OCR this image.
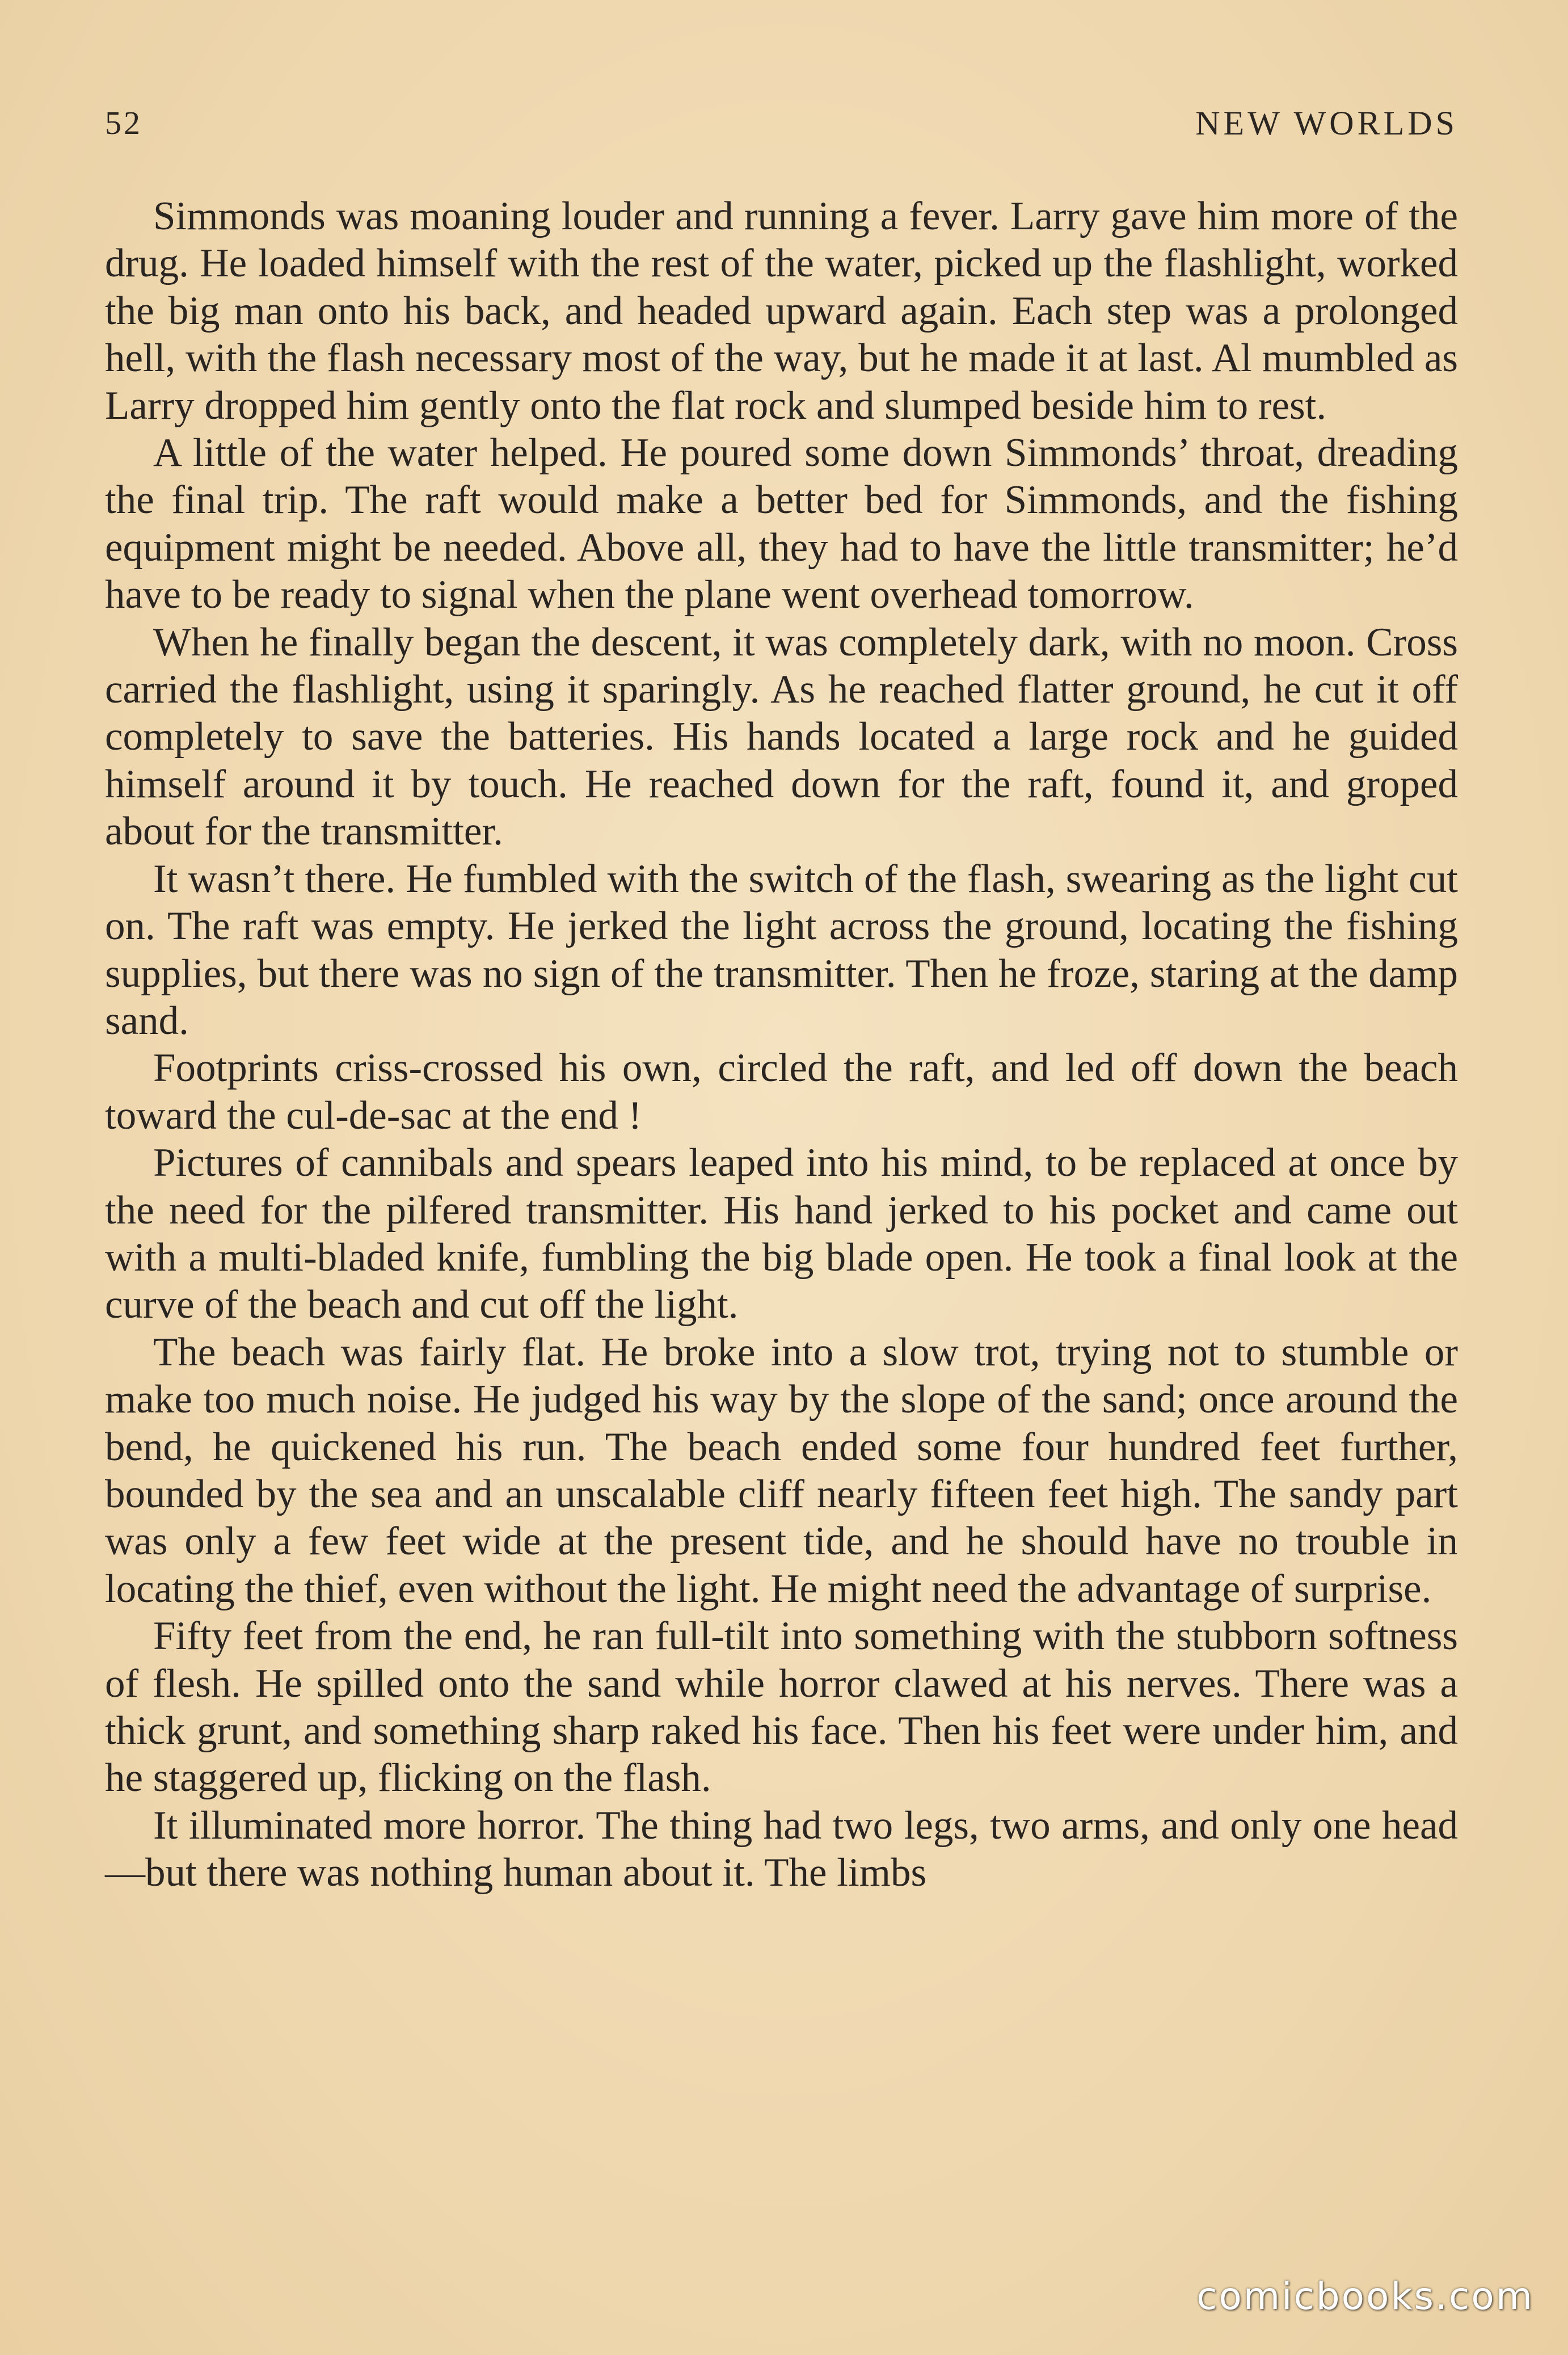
52	NEW WORLDS

Simmonds was moaning louder and running a fever. Larry gave him more of the drug. He loaded himself with the rest of the water, picked up the flashlight, worked the big man onto his back, and headed upward again. Each step was a prolonged hell, with the flash necessary most of the way, but he made it at last. Al mumbled as Larry dropped him gently onto the flat rock and slumped beside him to rest.

A little of the water helped. He poured some down Simmonds’ throat, dreading the final trip. The raft would make a better bed for Simmonds, and the fishing equipment might be needed. Above all, they had to have the little transmitter; he’d have to be ready to signal when the plane went overhead tomorrow.

When he finally began the descent, it was completely dark, with no moon. Cross carried the flashlight, using it sparingly. As he reached flatter ground, he cut it off completely to save the batteries. His hands located a large rock and he guided himself around it by touch. He reached down for the raft, found it, and groped about for the transmitter.

It wasn’t there. He fumbled with the switch of the flash, swearing as the light cut on. The raft was empty. He jerked the light across the ground, locating the fishing supplies, but there was no sign of the transmitter. Then he froze, staring at the damp sand.

Footprints criss-crossed his own, circled the raft, and led off down the beach toward the cul-de-sac at the end !

Pictures of cannibals and spears leaped into his mind, to be replaced at once by the need for the pilfered transmitter. His hand jerked to his pocket and came out with a multi-bladed knife, fumbling the big blade open. He took a final look at the curve of the beach and cut off the light.

The beach was fairly flat. He broke into a slow trot, trying not to stumble or make too much noise. He judged his way by the slope of the sand; once around the bend, he quickened his run. The beach ended some four hundred feet further, bounded by the sea and an unscalable cliff nearly fifteen feet high. The sandy part was only a few feet wide at the present tide, and he should have no trouble in locating the thief, even without the light. He might need the advantage of surprise.

Fifty feet from the end, he ran full-tilt into something with the stubborn softness of flesh. He spilled onto the sand while horror clawed at his nerves. There was a thick grunt, and something sharp raked his face. Then his feet were under him, and he staggered up, flicking on the flash.

It illuminated more horror. The thing had two legs, two arms, and only one head—but there was nothing human about it. The limbs

comicbooks.com
